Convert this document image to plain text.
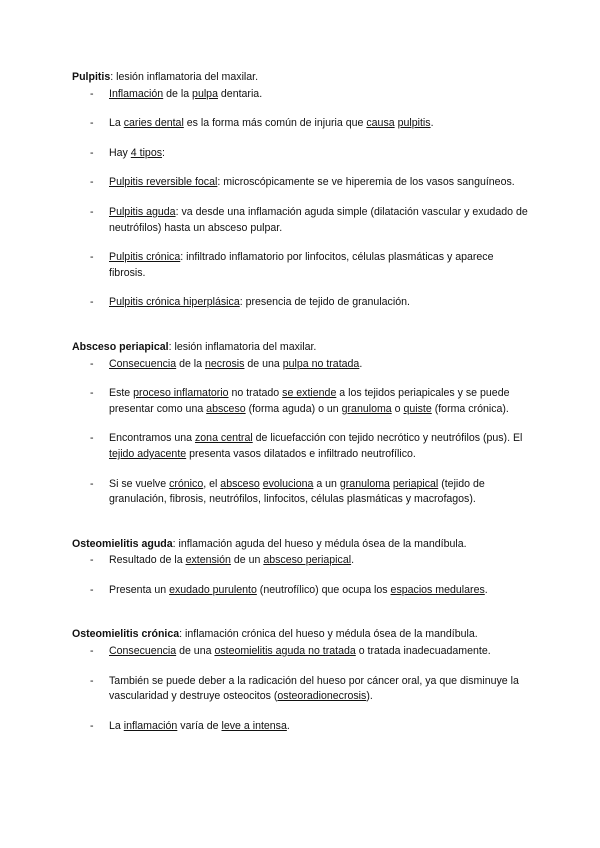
Pulpitis: lesión inflamatoria del maxilar.

- Inflamación de la pulpa dentaria.
- La caries dental es la forma más común de injuria que causa pulpitis.
- Hay 4 tipos:
- Pulpitis reversible focal: microscópicamente se ve hiperemia de los vasos sanguíneos.
- Pulpitis aguda: va desde una inflamación aguda simple (dilatación vascular y exudado de neutrófilos) hasta un absceso pulpar.
- Pulpitis crónica: infiltrado inflamatorio por linfocitos, células plasmáticas y aparece fibrosis.
- Pulpitis crónica hiperplásica: presencia de tejido de granulación.

Absceso periapical: lesión inflamatoria del maxilar.

- Consecuencia de la necrosis de una pulpa no tratada.
- Este proceso inflamatorio no tratado se extiende a los tejidos periapicales y se puede presentar como una absceso (forma aguda) o un granuloma o quiste (forma crónica).
- Encontramos una zona central de licuefacción con tejido necrótico y neutrófilos (pus). El tejido adyacente presenta vasos dilatados e infiltrado neutrofílico.
- Si se vuelve crónico, el absceso evoluciona a un granuloma periapical (tejido de granulación, fibrosis, neutrófilos, linfocitos, células plasmáticas y macrofagos).

Osteomielitis aguda: inflamación aguda del hueso y médula ósea de la mandíbula.

- Resultado de la extensión de un absceso periapical.
- Presenta un exudado purulento (neutrofílico) que ocupa los espacios medulares.

Osteomielitis crónica: inflamación crónica del hueso y médula ósea de la mandíbula.

- Consecuencia de una osteomielitis aguda no tratada o tratada inadecuadamente.
- También se puede deber a la radicación del hueso por cáncer oral, ya que disminuye la vascularidad y destruye osteocitos (osteoradionecrosis).
- La inflamación varía de leve a intensa.
